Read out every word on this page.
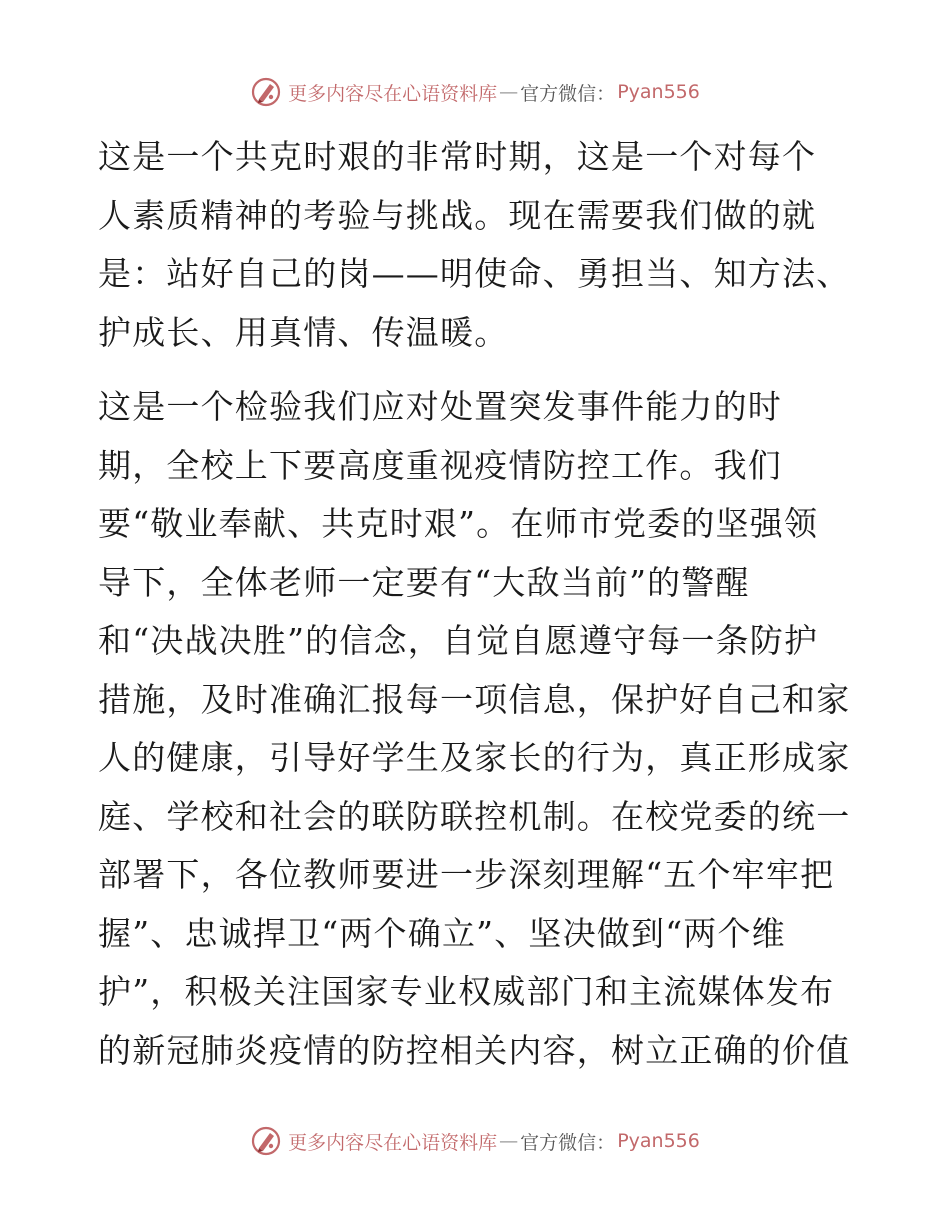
更多内容尽在心语资料库 — 官方微信： Pyan556

这是一个共克时艰的非常时期，这是一个对每个
人素质精神的考验与挑战。现在需要我们做的就
是：站好自己的岗——明使命、勇担当、知方法、
护成长、用真情、传温暖。

这是一个检验我们应对处置突发事件能力的时
期，全校上下要高度重视疫情防控工作。我们
要“敬业奉献、共克时艰”。在师市党委的坚强领
导下，全体老师一定要有“大敌当前”的警醒
和“决战决胜”的信念，自觉自愿遵守每一条防护
措施，及时准确汇报每一项信息，保护好自己和家
人的健康，引导好学生及家长的行为，真正形成家
庭、学校和社会的联防联控机制。在校党委的统一
部署下，各位教师要进一步深刻理解“五个牢牢把
握”、忠诚捍卫“两个确立”、坚决做到“两个维
护”，积极关注国家专业权威部门和主流媒体发布
的新冠肺炎疫情的防控相关内容，树立正确的价值

更多内容尽在心语资料库 — 官方微信： Pyan556
